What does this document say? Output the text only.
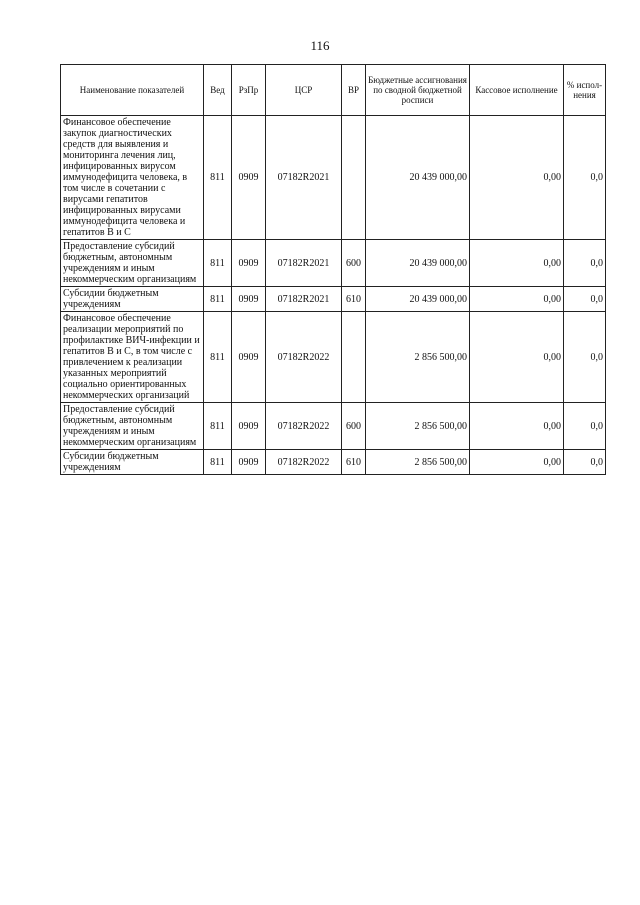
116
Наименование показателей	Вед	РзПр	ЦСР	ВР	Бюджетные ассигнования по сводной бюджетной росписи	Кассовое исполнение	% испол-нения
Финансовое обеспечение закупок диагностических средств для выявления и мониторинга лечения лиц, инфицированных вирусом иммунодефицита человека, в том числе в сочетании с вирусами гепатитов инфицированных вирусами иммунодефицита человека и гепатитов В и С	811	0909	07182R2021		20 439 000,00	0,00	0,0
Предоставление субсидий бюджетным, автономным учреждениям и иным некоммерческим организациям	811	0909	07182R2021	600	20 439 000,00	0,00	0,0
Субсидии бюджетным учреждениям	811	0909	07182R2021	610	20 439 000,00	0,00	0,0
Финансовое обеспечение реализации мероприятий по профилактике ВИЧ-инфекции и гепатитов В и С, в том числе с привлечением к реализации указанных мероприятий социально ориентированных некоммерческих организаций	811	0909	07182R2022		2 856 500,00	0,00	0,0
Предоставление субсидий бюджетным, автономным учреждениям и иным некоммерческим организациям	811	0909	07182R2022	600	2 856 500,00	0,00	0,0
Субсидии бюджетным учреждениям	811	0909	07182R2022	610	2 856 500,00	0,00	0,0
